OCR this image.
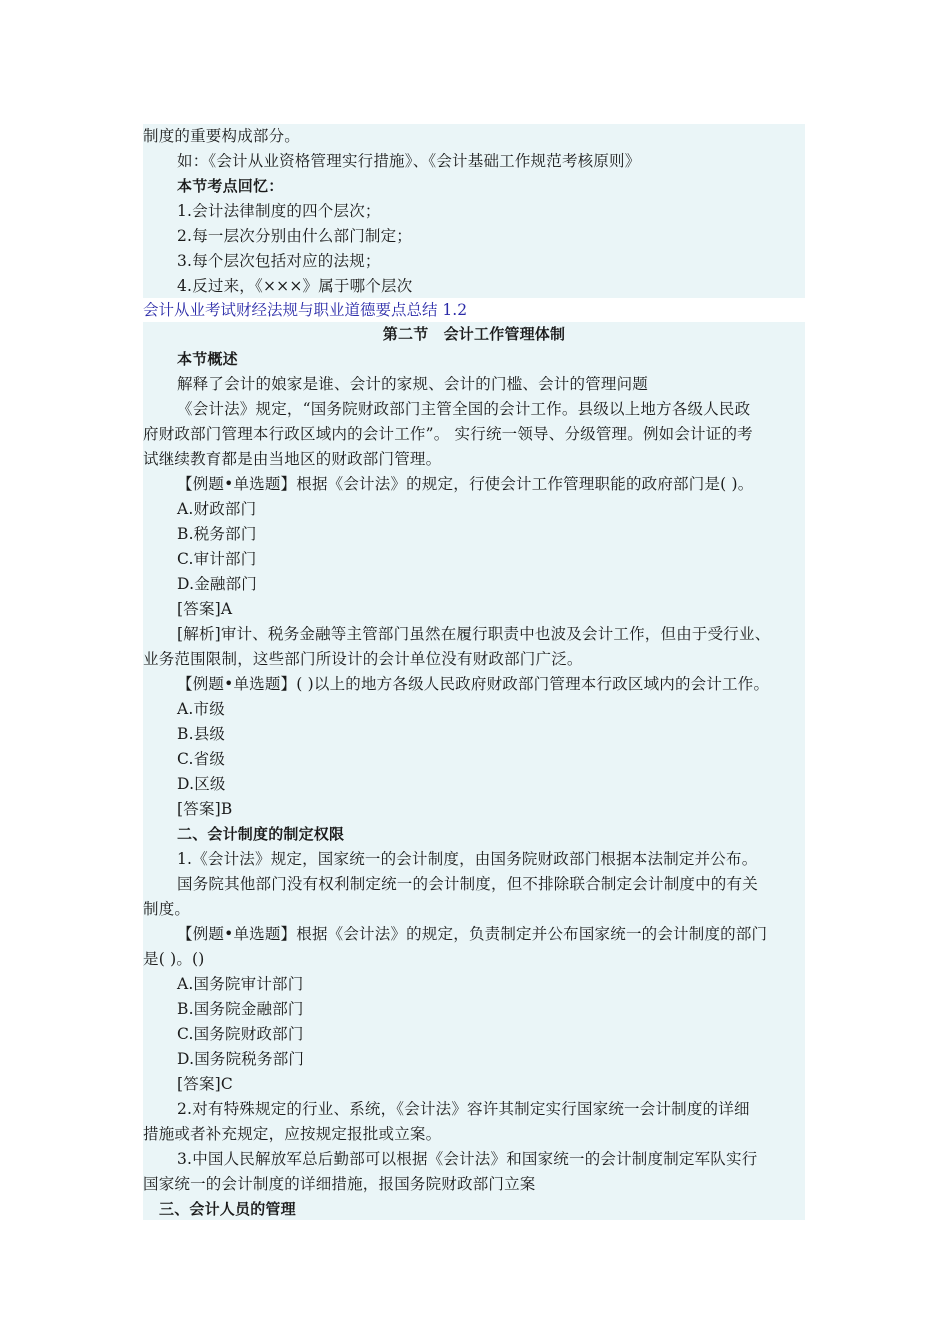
制度的重要构成部分。
如：《会计从业资格管理实行措施》、《会计基础工作规范考核原则》
本节考点回忆：
1.会计法律制度的四个层次；
2.每一层次分别由什么部门制定；
3.每个层次包括对应的法规；
4.反过来，《×××》属于哪个层次
会计从业考试财经法规与职业道德要点总结 1.2
第二节　会计工作管理体制
本节概述
解释了会计的娘家是谁、会计的家规、会计的门槛、会计的管理问题
《会计法》规定，“国务院财政部门主管全国的会计工作。县级以上地方各级人民政
府财政部门管理本行政区域内的会计工作”。 实行统一领导、分级管理。例如会计证的考
试继续教育都是由当地区的财政部门管理。
【例题•单选题】根据《会计法》的规定，行使会计工作管理职能的政府部门是( )。
A.财政部门
B.税务部门
C.审计部门
D.金融部门
[答案]A
[解析]审计、税务金融等主管部门虽然在履行职责中也波及会计工作，但由于受行业、
业务范围限制，这些部门所设计的会计单位没有财政部门广泛。
【例题•单选题】( )以上的地方各级人民政府财政部门管理本行政区域内的会计工作。
A.市级
B.县级
C.省级
D.区级
[答案]B
二、会计制度的制定权限
1.《会计法》规定，国家统一的会计制度，由国务院财政部门根据本法制定并公布。
国务院其他部门没有权利制定统一的会计制度，但不排除联合制定会计制度中的有关
制度。
【例题•单选题】根据《会计法》的规定，负责制定并公布国家统一的会计制度的部门
是( )。()
A.国务院审计部门
B.国务院金融部门
C.国务院财政部门
D.国务院税务部门
[答案]C
2.对有特殊规定的行业、系统，《会计法》容许其制定实行国家统一会计制度的详细
措施或者补充规定，应按规定报批或立案。
3.中国人民解放军总后勤部可以根据《会计法》和国家统一的会计制度制定军队实行
国家统一的会计制度的详细措施，报国务院财政部门立案
三、会计人员的管理
